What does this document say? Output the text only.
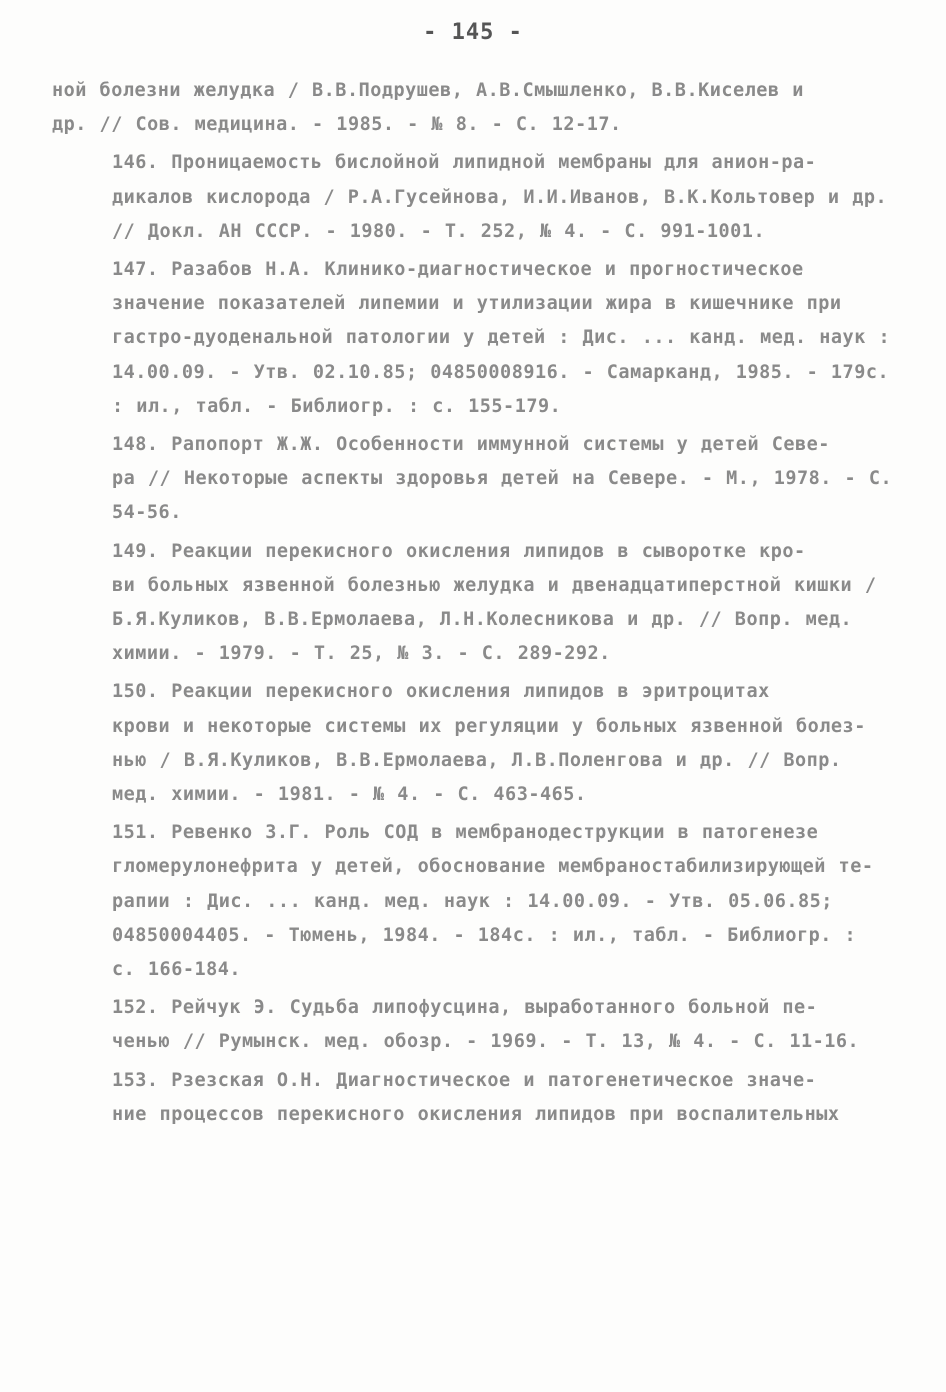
- 145 -
ной болезни желудка / В.В.Подрушев, А.В.Смышленко, В.В.Киселев и
др. // Сов. медицина. - 1985. - № 8. - С. 12-17.
146. Проницаемость бислойной липидной мембраны для анион-ра-
дикалов кислорода / Р.А.Гусейнова, И.И.Иванов, В.К.Кольтовер и др.
// Докл. АН СССР. - 1980. - Т. 252, № 4. - С. 991-1001.
147. Разабов Н.А. Клинико-диагностическое и прогностическое
значение показателей липемии и утилизации жира в кишечнике при
гастро-дуоденальной патологии у детей : Дис. ... канд. мед. наук :
14.00.09. - Утв. 02.10.85; 04850008916. - Самарканд, 1985. - 179с.
: ил., табл. - Библиогр. : с. 155-179.
148. Рапопорт Ж.Ж. Особенности иммунной системы у детей Севе-
ра // Некоторые аспекты здоровья детей на Севере. - М., 1978. - С.
54-56.
149. Реакции перекисного окисления липидов в сыворотке кро-
ви больных язвенной болезнью желудка и двенадцатиперстной кишки /
Б.Я.Куликов, В.В.Ермолаева, Л.Н.Колесникова и др. // Вопр. мед.
химии. - 1979. - Т. 25, № 3. - С. 289-292.
150. Реакции перекисного окисления липидов в эритроцитах
крови и некоторые системы их регуляции у больных язвенной болез-
нью / В.Я.Куликов, В.В.Ермолаева, Л.В.Поленгова и др. // Вопр.
мед. химии. - 1981. - № 4. - С. 463-465.
151. Ревенко З.Г. Роль СОД в мембранодеструкции в патогенезе
гломерулонефрита у детей, обоснование мембраностабилизирующей те-
рапии : Дис. ... канд. мед. наук : 14.00.09. - Утв. 05.06.85;
04850004405. - Тюмень, 1984. - 184с. : ил., табл. - Библиогр. :
с. 166-184.
152. Рейчук Э. Судьба липофусцина, выработанного больной пе-
ченью // Румынск. мед. обозр. - 1969. - Т. 13, № 4. - С. 11-16.
153. Рзезская О.Н. Диагностическое и патогенетическое значе-
ние процессов перекисного окисления липидов при воспалительных
